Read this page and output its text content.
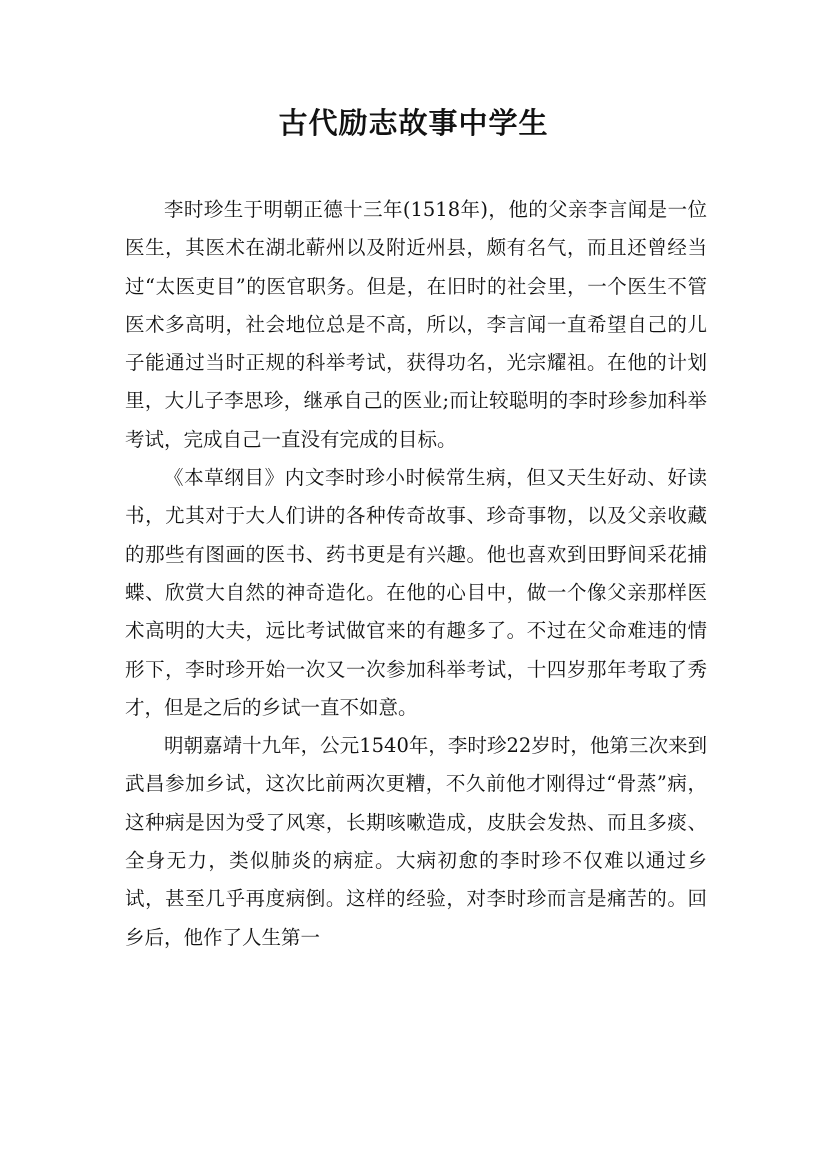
古代励志故事中学生

李时珍生于明朝正德十三年(1518年)，他的父亲李言闻是一位医生，其医术在湖北蕲州以及附近州县，颇有名气，而且还曾经当过“太医吏目”的医官职务。但是，在旧时的社会里，一个医生不管医术多高明，社会地位总是不高，所以，李言闻一直希望自己的儿子能通过当时正规的科举考试，获得功名，光宗耀祖。在他的计划里，大儿子李思珍，继承自己的医业;而让较聪明的李时珍参加科举考试，完成自己一直没有完成的目标。

《本草纲目》内文李时珍小时候常生病，但又天生好动、好读书，尤其对于大人们讲的各种传奇故事、珍奇事物，以及父亲收藏的那些有图画的医书、药书更是有兴趣。他也喜欢到田野间采花捕蝶、欣赏大自然的神奇造化。在他的心目中，做一个像父亲那样医术高明的大夫，远比考试做官来的有趣多了。不过在父命难违的情形下，李时珍开始一次又一次参加科举考试，十四岁那年考取了秀才，但是之后的乡试一直不如意。

明朝嘉靖十九年，公元1540年，李时珍22岁时，他第三次来到武昌参加乡试，这次比前两次更糟，不久前他才刚得过“骨蒸”病，这种病是因为受了风寒，长期咳嗽造成，皮肤会发热、而且多痰、全身无力，类似肺炎的病症。大病初愈的李时珍不仅难以通过乡试，甚至几乎再度病倒。这样的经验，对李时珍而言是痛苦的。回乡后，他作了人生第一
